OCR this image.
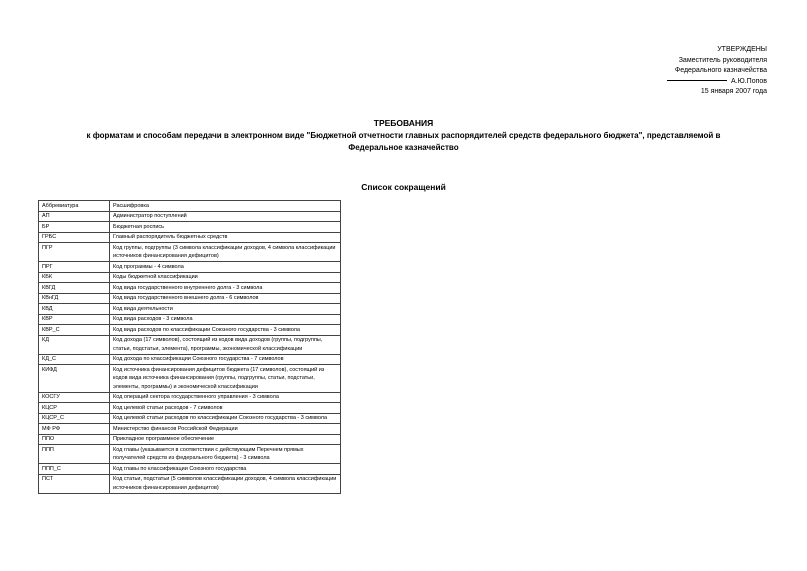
УТВЕРЖДЕНЫ
Заместитель руководителя
Федерального казначейства
А.Ю.Попов
15 января 2007 года
ТРЕБОВАНИЯ
к форматам и способам передачи в электронном виде "Бюджетной отчетности главных распорядителей средств федерального бюджета", представляемой в
Федеральное казначейство
Список сокращений
Аббревиатура	Расшифровка
АП	Администратор поступлений
БР	Бюджетная роспись
ГРБС	Главный распорядитель бюджетных средств
ПГР	Код группы, подгруппы (3 символа классификации доходов, 4 символа классификации источников финансирования дефицитов)
ПРГ	Код программы - 4 символа
КБК	Коды бюджетной классификации
КВГД	Код вида государственного внутреннего долга - 3 символа
КВнГД	Код вида государственного внешнего долга - 6 символов
КВД	Код вида деятельности
КВР	Код вида расходов - 3 символа
КВР_С	Код вида расходов по классификации Союзного государства - 3 символа
КД	Код дохода (17 символов), состоящий из кодов вида доходов (группы, подгруппы, статьи, подстатьи, элемента), программы, экономической классификации
КД_С	Код дохода по классификации Союзного государства - 7 символов
КИФД	Код источника финансирования дефицитов бюджета (17 символов), состоящий из кодов вида источника финансирования (группы, подгруппы, статьи, подстатьи, элементы, программы) и экономической классификации
КОСГУ	Код операций сектора государственного управления - 3 символа
КЦСР	Код целевой статьи расходов - 7 символов
КЦСР_С	Код целевой статьи расходов по классификации Союзного государства - 3 символа
МФ РФ	Министерство финансов Российской Федерации
ППО	Прикладное программное обеспечение
ППП	Код главы (указывается в соответствии с действующим Перечнем прямых получателей средств из федерального бюджета) - 3 символа
ППП_С	Код главы по классификации Союзного государства
ПСТ	Код статьи, подстатьи (5 символов классификации доходов, 4 символа классификации источников финансирования дефицитов)
